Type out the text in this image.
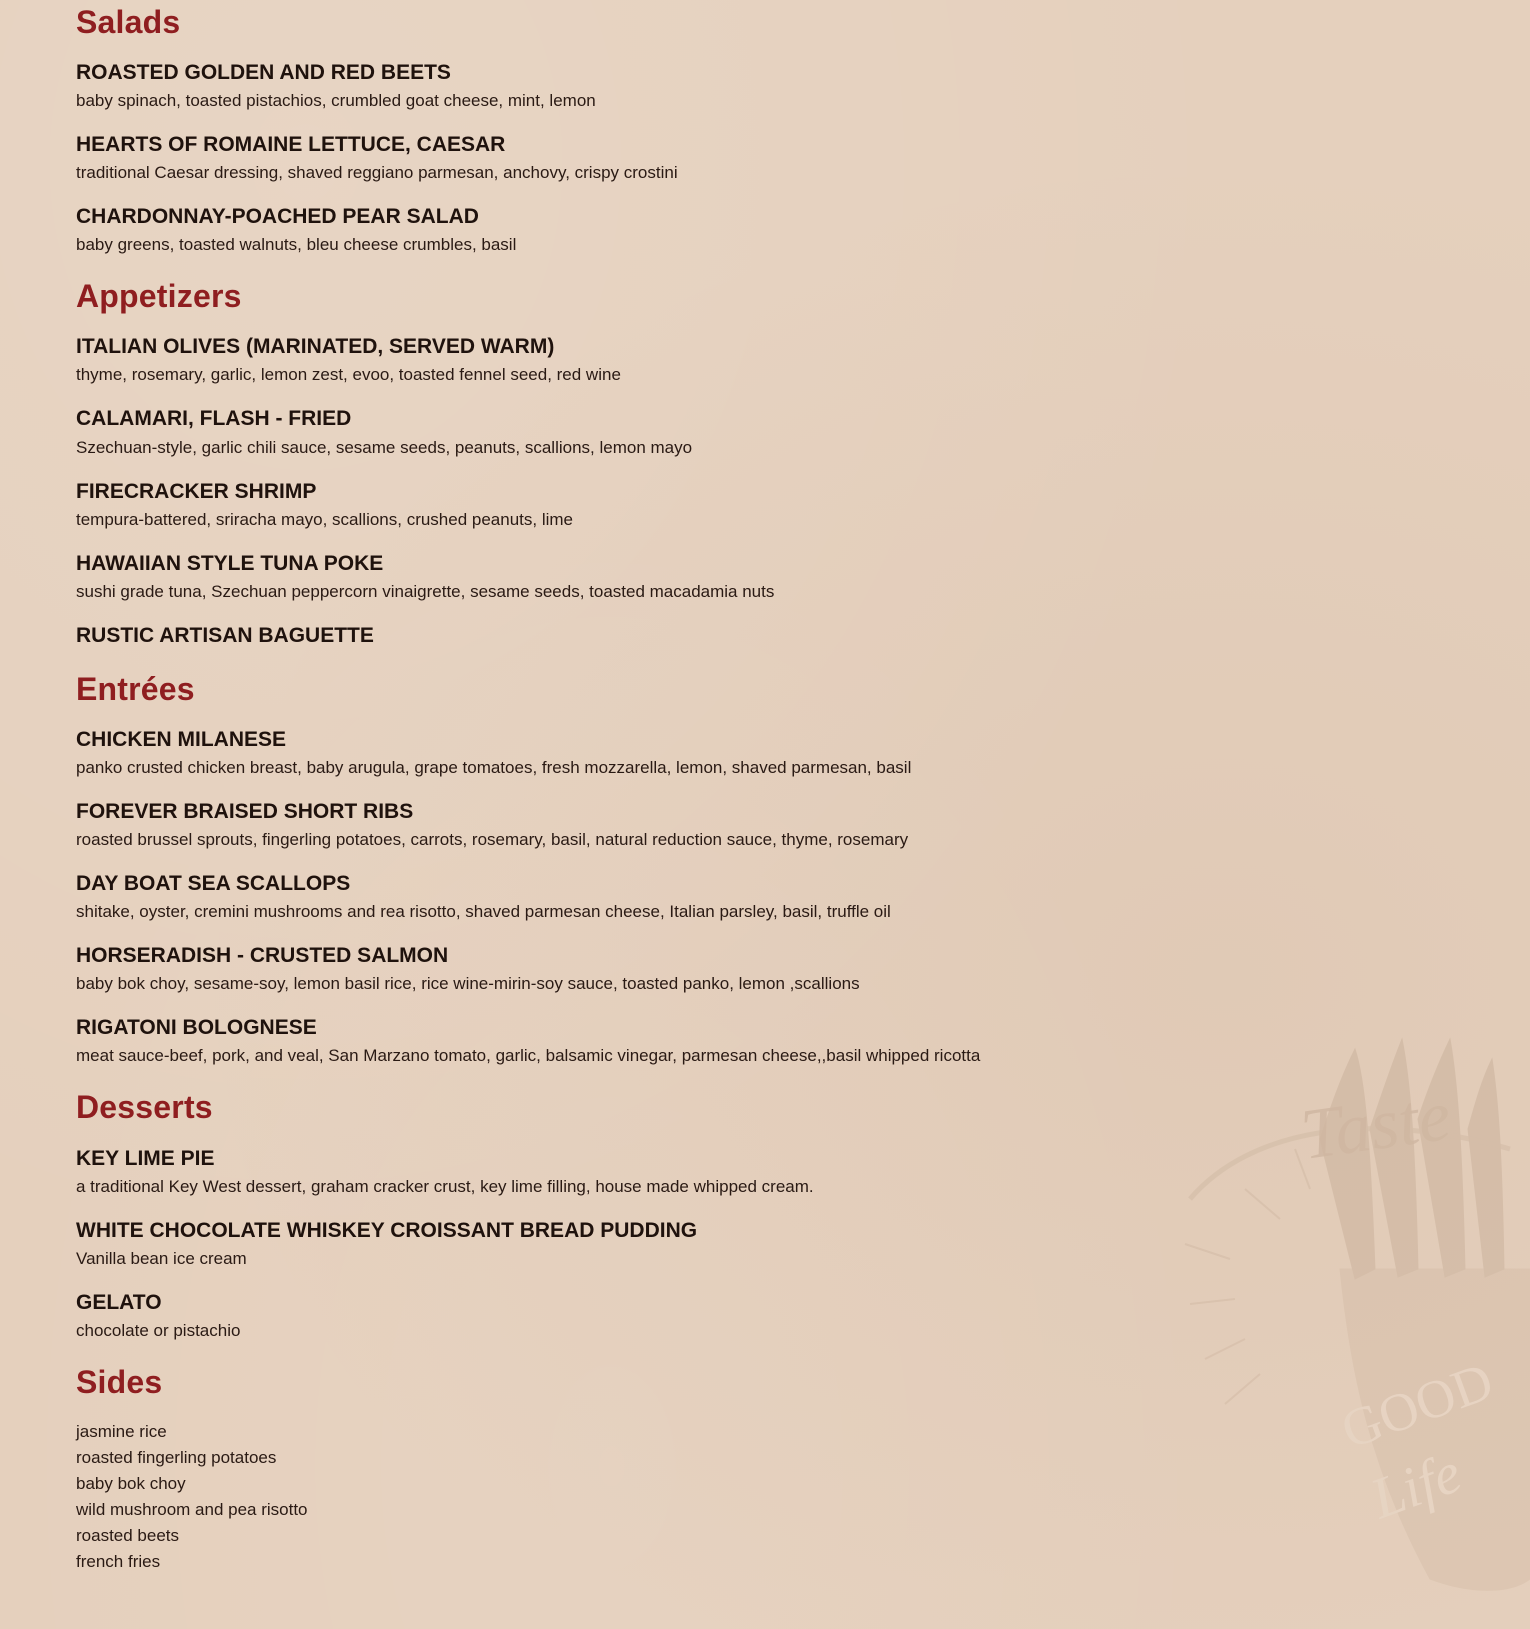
Salads

ROASTED GOLDEN AND RED BEETS

baby spinach, toasted pistachios, crumbled goat cheese, mint, lemon

HEARTS OF ROMAINE LETTUCE, CAESAR

traditional Caesar dressing, shaved reggiano parmesan, anchovy, crispy crostini

CHARDONNAY-POACHED PEAR SALAD

baby greens, toasted walnuts, bleu cheese crumbles, basil

Appetizers

ITALIAN OLIVES (MARINATED, SERVED WARM)

thyme, rosemary, garlic, lemon zest, evoo, toasted fennel seed, red wine

CALAMARI, FLASH - FRIED

Szechuan-style, garlic chili sauce, sesame seeds, peanuts, scallions, lemon mayo

FIRECRACKER SHRIMP

tempura-battered, sriracha mayo, scallions, crushed peanuts, lime

HAWAIIAN STYLE TUNA POKE

sushi grade tuna, Szechuan peppercorn vinaigrette, sesame seeds, toasted macadamia nuts

RUSTIC ARTISAN BAGUETTE

Entrées

CHICKEN MILANESE

panko crusted chicken breast, baby arugula, grape tomatoes, fresh mozzarella, lemon, shaved parmesan, basil

FOREVER BRAISED SHORT RIBS

roasted brussel sprouts, fingerling potatoes, carrots, rosemary, basil, natural reduction sauce, thyme, rosemary

DAY BOAT SEA SCALLOPS

shitake, oyster, cremini mushrooms and rea risotto, shaved parmesan cheese, Italian parsley, basil, truffle oil

HORSERADISH - CRUSTED SALMON

baby bok choy, sesame-soy, lemon basil rice, rice wine-mirin-soy sauce, toasted panko, lemon ,scallions

RIGATONI BOLOGNESE

meat sauce-beef, pork, and veal, San Marzano tomato, garlic, balsamic vinegar, parmesan cheese,,basil whipped ricotta

Desserts

KEY LIME PIE

a traditional Key West dessert, graham cracker crust, key lime filling, house made whipped cream.

WHITE CHOCOLATE WHISKEY CROISSANT BREAD PUDDING

Vanilla bean ice cream

GELATO

chocolate or pistachio

Sides

jasmine rice

roasted fingerling potatoes

baby bok choy

wild mushroom and pea risotto

roasted beets

french fries

Taste
GOOD
Life
